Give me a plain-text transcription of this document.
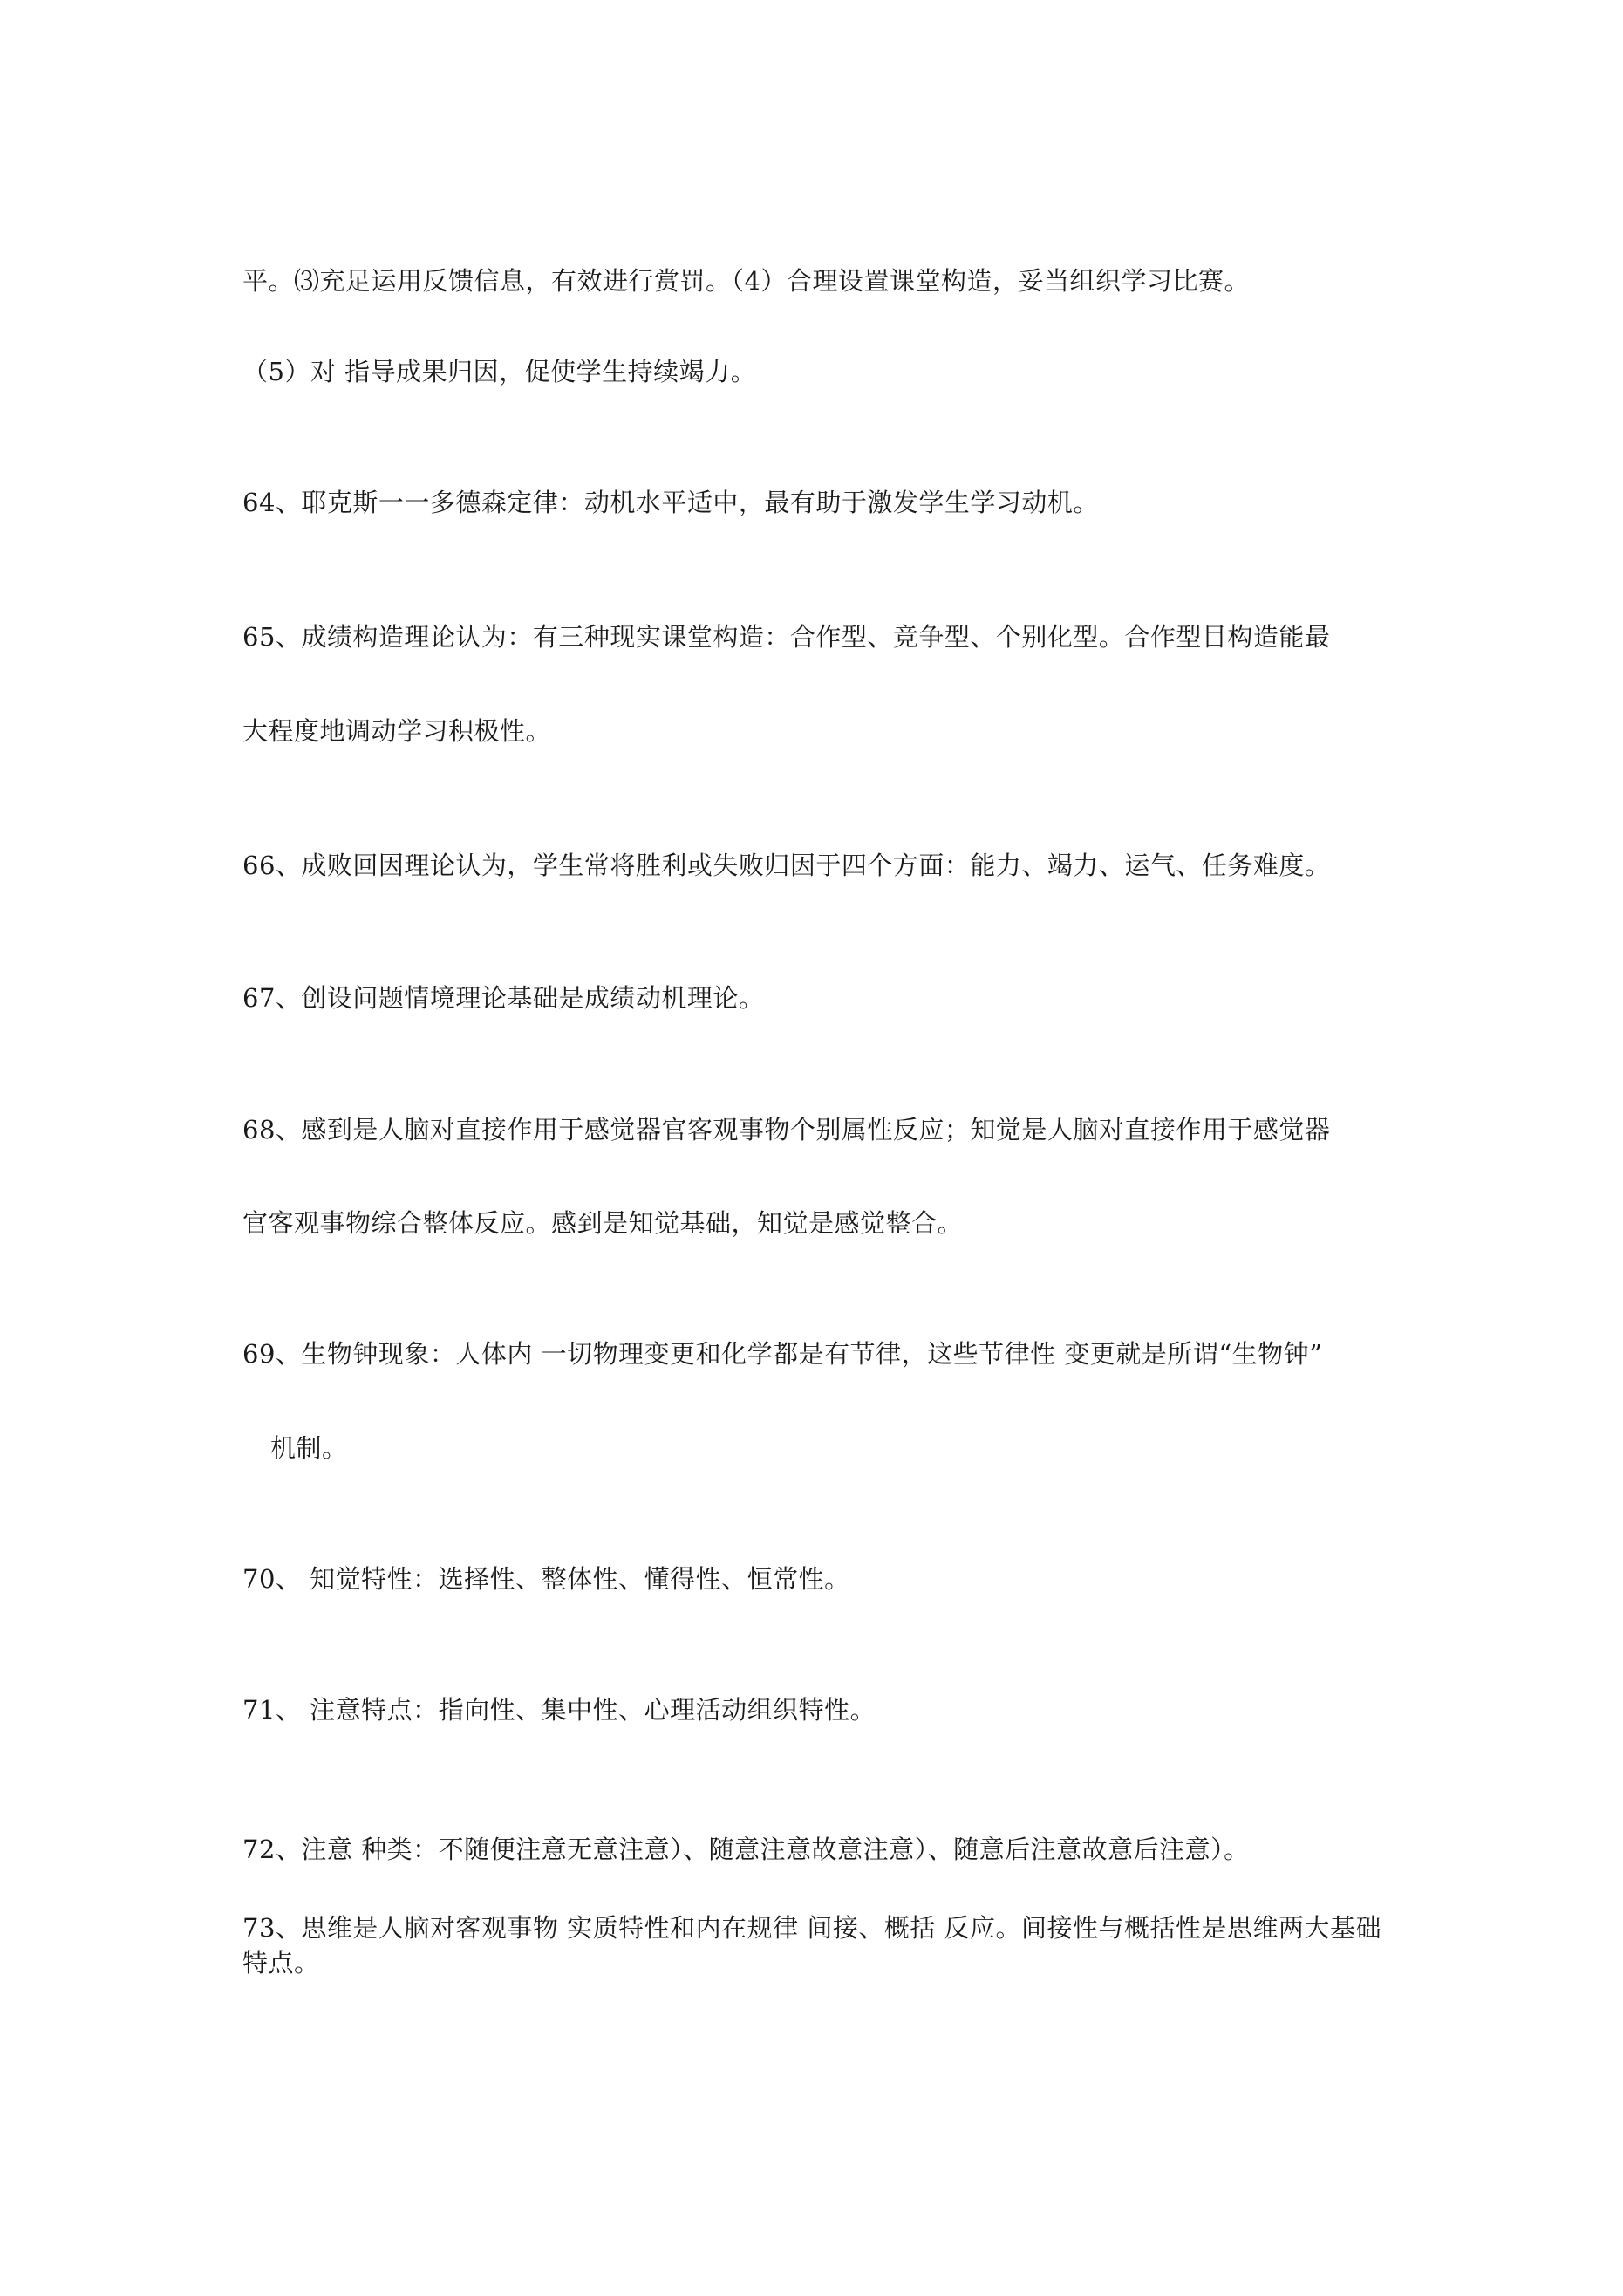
平。⑶充足运用反馈信息，有效进行赏罚。（4）合理设置课堂构造，妥当组织学习比赛。
（5）对 指导成果归因，促使学生持续竭力。
64、耶克斯一一多德森定律：动机水平适中，最有助于激发学生学习动机。
65、成绩构造理论认为：有三种现实课堂构造：合作型、竞争型、个别化型。合作型目构造能最
大程度地调动学习积极性。
66、成败回因理论认为，学生常将胜利或失败归因于四个方面：能力、竭力、运气、任务难度。
67、创设问题情境理论基础是成绩动机理论。
68、感到是人脑对直接作用于感觉器官客观事物个别属性反应；知觉是人脑对直接作用于感觉器
官客观事物综合整体反应。感到是知觉基础，知觉是感觉整合。
69、生物钟现象：人体内 一切物理变更和化学都是有节律，这些节律性 变更就是所谓“生物钟”
机制。
70、 知觉特性：选择性、整体性、懂得性、恒常性。
71、 注意特点：指向性、集中性、心理活动组织特性。
72、注意 种类：不随便注意无意注意）、随意注意故意注意）、随意后注意故意后注意）。
73、思维是人脑对客观事物 实质特性和内在规律 间接、概括 反应。间接性与概括性是思维两大基础特点。
